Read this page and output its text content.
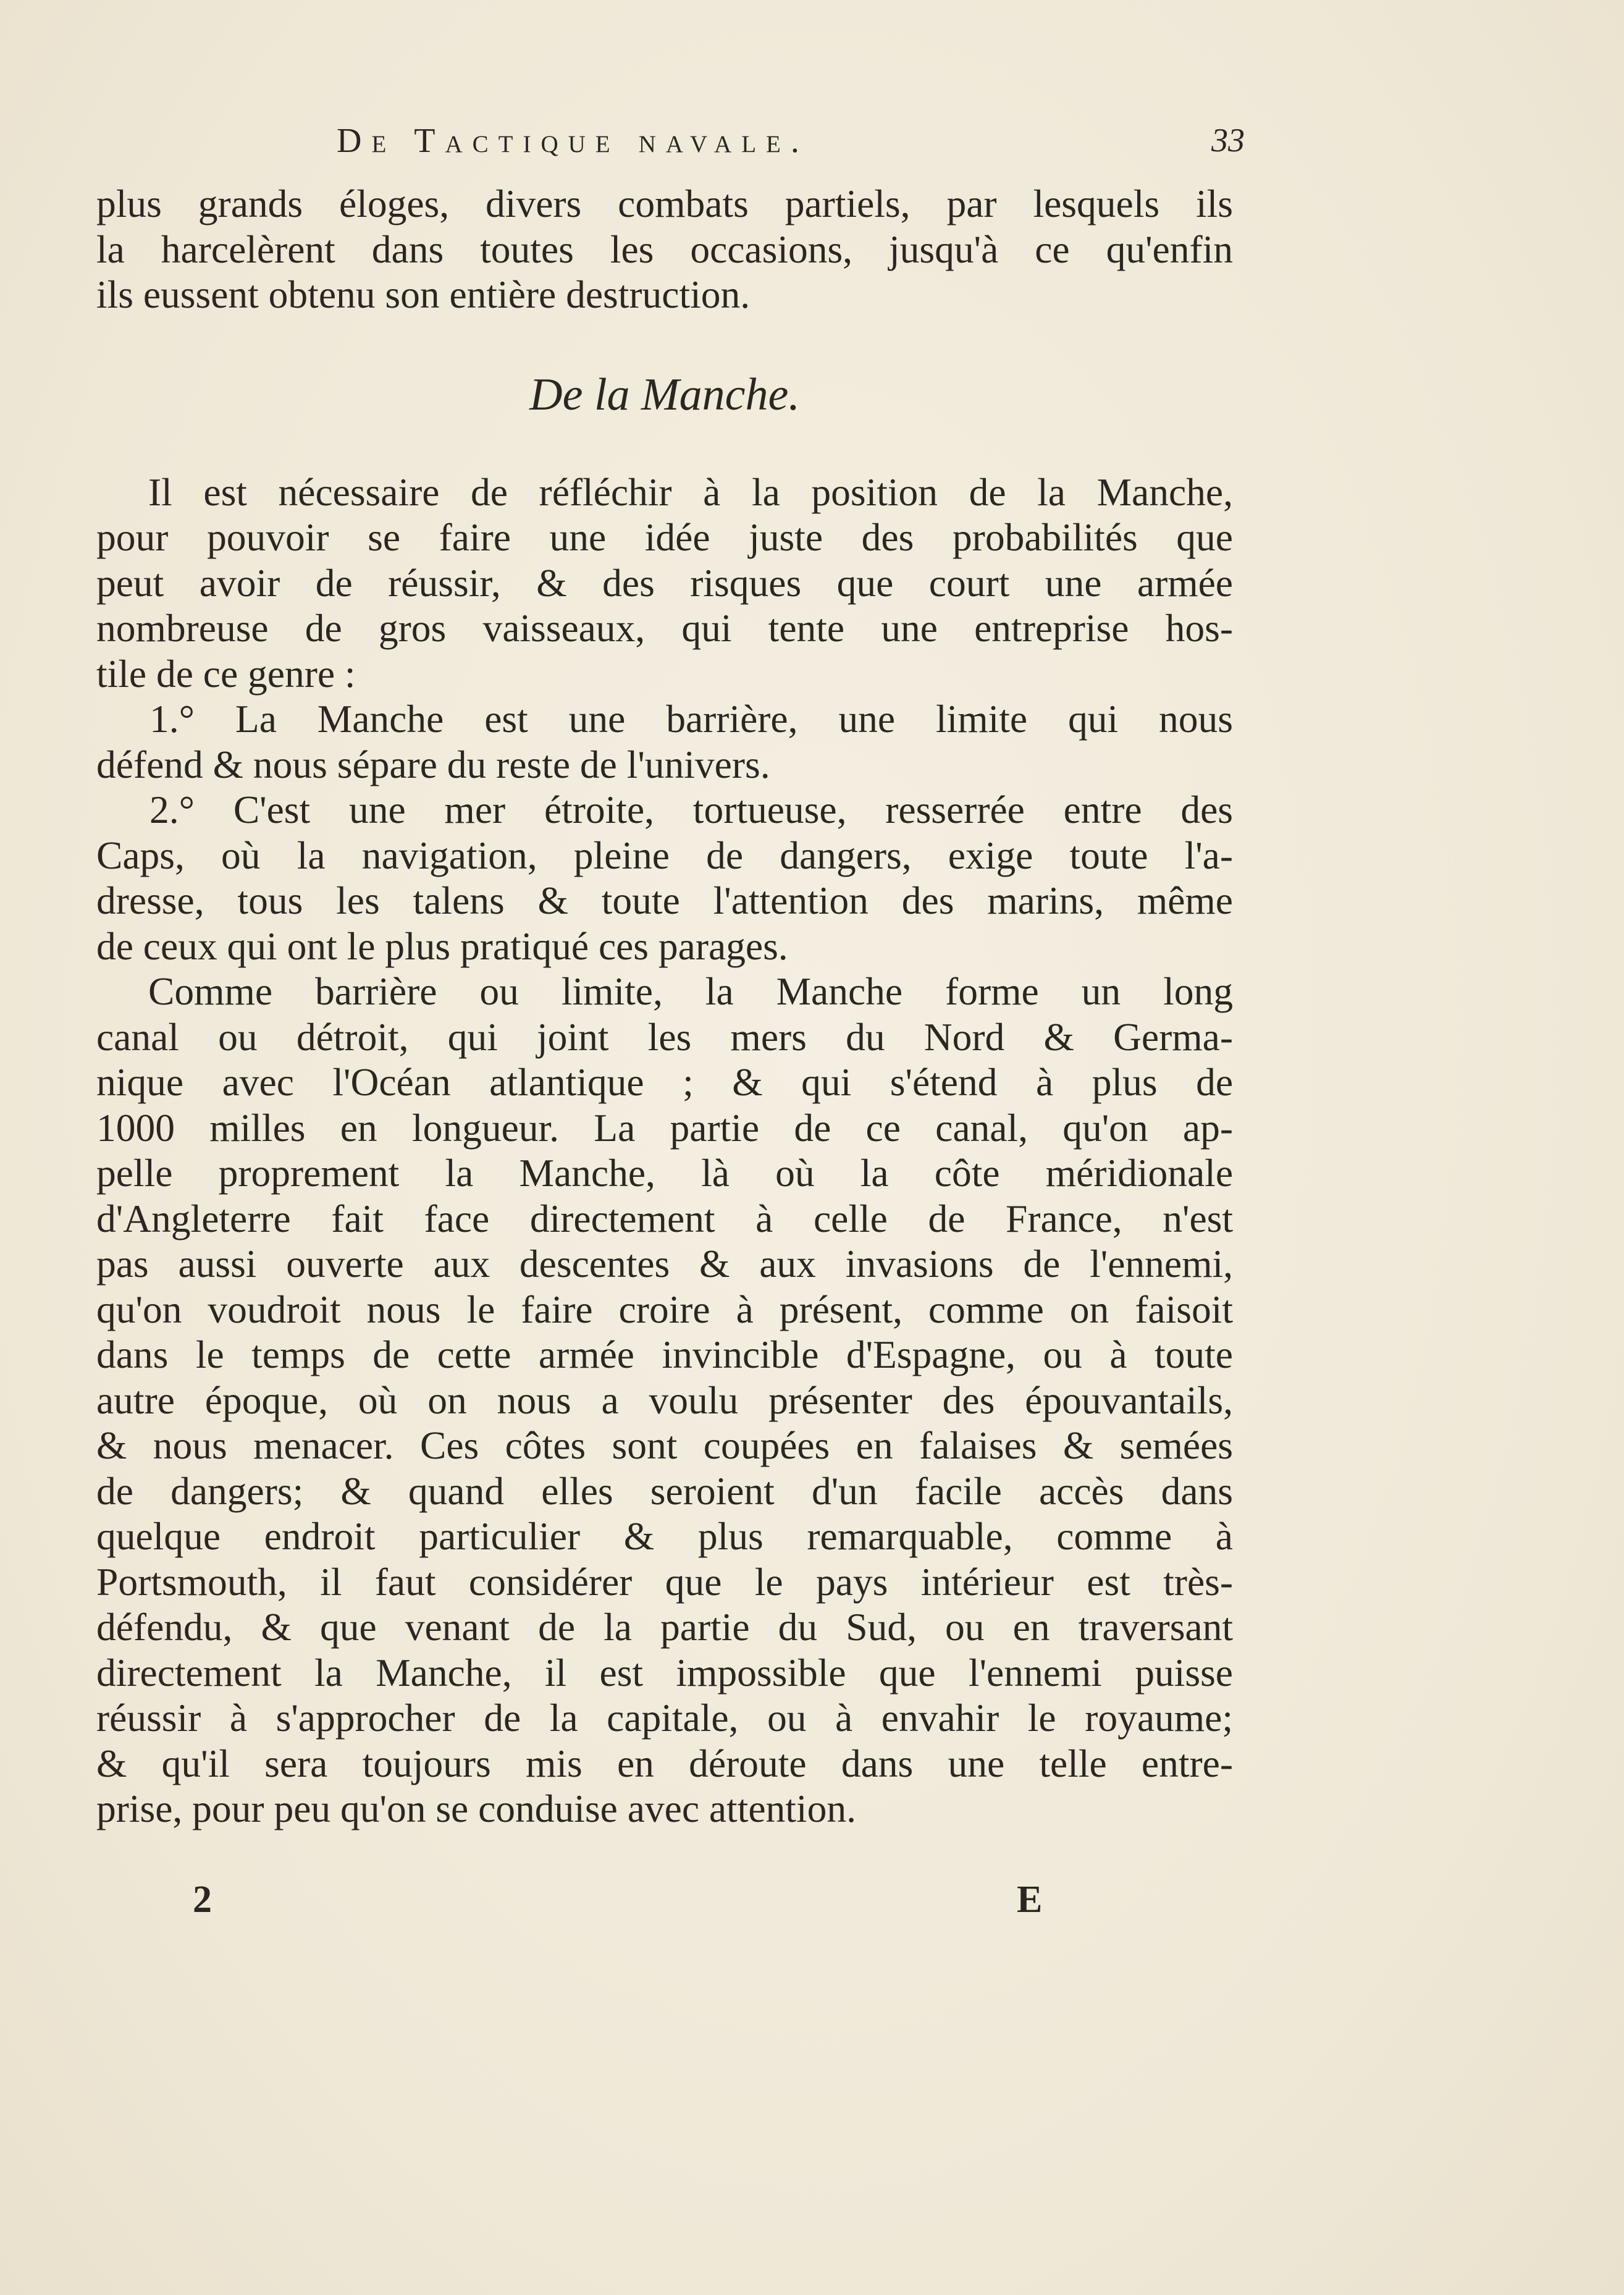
De Tactique navale.	33
plus grands éloges, divers combats partiels, par lesquels ils
la harcelèrent dans toutes les occasions, jusqu'à ce qu'enfin
ils eussent obtenu son entière destruction.
De la Manche.
Il est nécessaire de réfléchir à la position de la Manche,
pour pouvoir se faire une idée juste des probabilités que
peut avoir de réussir, & des risques que court une armée
nombreuse de gros vaisseaux, qui tente une entreprise hos-
tile de ce genre :
1.° La Manche est une barrière, une limite qui nous
défend & nous sépare du reste de l'univers.
2.° C'est une mer étroite, tortueuse, resserrée entre des
Caps, où la navigation, pleine de dangers, exige toute l'a-
dresse, tous les talens & toute l'attention des marins, même
de ceux qui ont le plus pratiqué ces parages.
Comme barrière ou limite, la Manche forme un long
canal ou détroit, qui joint les mers du Nord & Germa-
nique avec l'Océan atlantique ; & qui s'étend à plus de
1000 milles en longueur. La partie de ce canal, qu'on ap-
pelle proprement la Manche, là où la côte méridionale
d'Angleterre fait face directement à celle de France, n'est
pas aussi ouverte aux descentes & aux invasions de l'ennemi,
qu'on voudroit nous le faire croire à présent, comme on faisoit
dans le temps de cette armée invincible d'Espagne, ou à toute
autre époque, où on nous a voulu présenter des épouvantails,
& nous menacer. Ces côtes sont coupées en falaises & semées
de dangers; & quand elles seroient d'un facile accès dans
quelque endroit particulier & plus remarquable, comme à
Portsmouth, il faut considérer que le pays intérieur est très-
défendu, & que venant de la partie du Sud, ou en traversant
directement la Manche, il est impossible que l'ennemi puisse
réussir à s'approcher de la capitale, ou à envahir le royaume;
& qu'il sera toujours mis en déroute dans une telle entre-
prise, pour peu qu'on se conduise avec attention.
2	E
